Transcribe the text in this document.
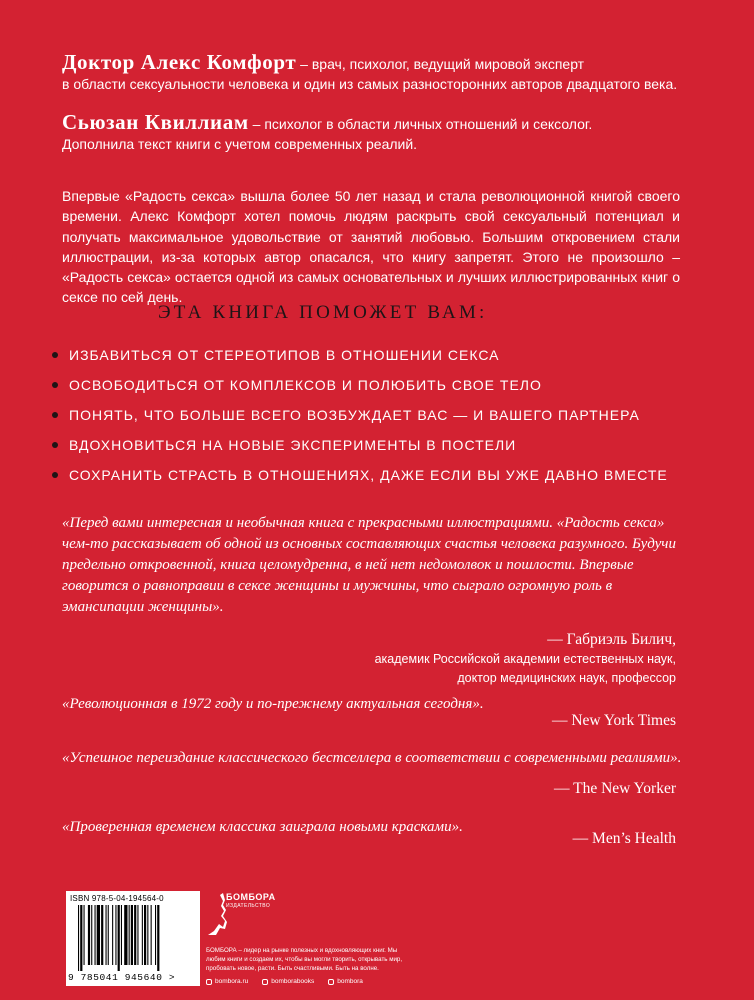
Доктор Алекс Комфорт – врач, психолог, ведущий мировой эксперт
в области сексуальности человека и один из самых разносторонних авторов двадцатого века.
Сьюзан Квиллиам – психолог в области личных отношений и сексолог.
Дополнила текст книги с учетом современных реалий.

Впервые «Радость секса» вышла более 50 лет назад и стала революционной книгой своего времени. Алекс Комфорт хотел помочь людям раскрыть свой сексуальный потенциал и получать максимальное удовольствие от занятий любовью. Большим откровением стали иллюстрации, из-за которых автор опасался, что книгу запретят. Этого не произошло – «Радость секса» остается одной из самых основательных и лучших иллюстрированных книг о сексе по сей день.

ЭТА КНИГА ПОМОЖЕТ ВАМ:
ИЗБАВИТЬСЯ ОТ СТЕРЕОТИПОВ В ОТНОШЕНИИ СЕКСА
ОСВОБОДИТЬСЯ ОТ КОМПЛЕКСОВ И ПОЛЮБИТЬ СВОЕ ТЕЛО
ПОНЯТЬ, ЧТО БОЛЬШЕ ВСЕГО ВОЗБУЖДАЕТ ВАС — И ВАШЕГО ПАРТНЕРА
ВДОХНОВИТЬСЯ НА НОВЫЕ ЭКСПЕРИМЕНТЫ В ПОСТЕЛИ
СОХРАНИТЬ СТРАСТЬ В ОТНОШЕНИЯХ, ДАЖЕ ЕСЛИ ВЫ УЖЕ ДАВНО ВМЕСТЕ
«Перед вами интересная и необычная книга с прекрасными иллюстрациями. «Радость секса» чем-то рассказывает об одной из основных составляющих счастья человека разумного. Будучи предельно откровенной, книга целомудренна, в ней нет недомолвок и пошлости. Впервые говорится о равноправии в сексе женщины и мужчины, что сыграло огромную роль в эмансипации женщины».
— Габриэль Билич,
академик Российской академии естественных наук,
доктор медицинских наук, профессор
«Революционная в 1972 году и по-прежнему актуальная сегодня».
— New York Times
«Успешное переиздание классического бестселлера в соответствии с современными реалиями».
— The New Yorker
«Проверенная временем классика заиграла новыми красками».
— Men’s Health
ISBN 978-5-04-194564-0
9 785041 945640 >
БОМБОРА
ИЗДАТЕЛЬСТВО
БОМБОРА – лидер на рынке полезных и вдохновляющих книг. Мы любим книги и создаем их, чтобы вы могли творить, открывать мир, пробовать новое, расти. Быть счастливыми. Быть на волне.
bombora.ru	bomborabooks	bombora
